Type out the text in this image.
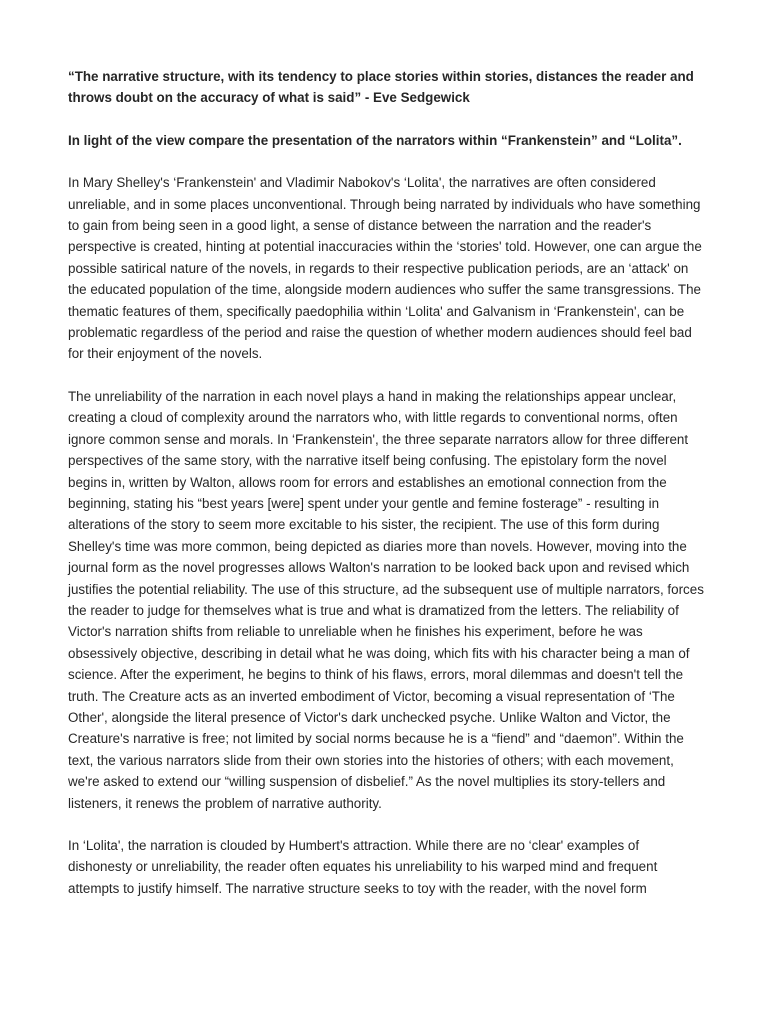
“The narrative structure, with its tendency to place stories within stories, distances the reader and throws doubt on the accuracy of what is said” - Eve Sedgewick

In light of the view compare the presentation of the narrators within “Frankenstein” and “Lolita”.

In Mary Shelley's ‘Frankenstein' and Vladimir Nabokov's ‘Lolita', the narratives are often considered unreliable, and in some places unconventional. Through being narrated by individuals who have something to gain from being seen in a good light, a sense of distance between the narration and the reader's perspective is created, hinting at potential inaccuracies within the ‘stories' told. However, one can argue the possible satirical nature of the novels, in regards to their respective publication periods, are an ‘attack' on the educated population of the time, alongside modern audiences who suffer the same transgressions. The thematic features of them, specifically paedophilia within ‘Lolita' and Galvanism in ‘Frankenstein', can be problematic regardless of the period and raise the question of whether modern audiences should feel bad for their enjoyment of the novels.

The unreliability of the narration in each novel plays a hand in making the relationships appear unclear, creating a cloud of complexity around the narrators who, with little regards to conventional norms, often ignore common sense and morals. In ‘Frankenstein', the three separate narrators allow for three different perspectives of the same story, with the narrative itself being confusing. The epistolary form the novel begins in, written by Walton, allows room for errors and establishes an emotional connection from the beginning, stating his “best years [were] spent under your gentle and femine fosterage” - resulting in alterations of the story to seem more excitable to his sister, the recipient. The use of this form during Shelley's time was more common, being depicted as diaries more than novels. However, moving into the journal form as the novel progresses allows Walton's narration to be looked back upon and revised which justifies the potential reliability. The use of this structure, ad the subsequent use of multiple narrators, forces the reader to judge for themselves what is true and what is dramatized from the letters. The reliability of Victor's narration shifts from reliable to unreliable when he finishes his experiment, before he was obsessively objective, describing in detail what he was doing, which fits with his character being a man of science. After the experiment, he begins to think of his flaws, errors, moral dilemmas and doesn't tell the truth. The Creature acts as an inverted embodiment of Victor, becoming a visual representation of ‘The Other', alongside the literal presence of Victor's dark unchecked psyche. Unlike Walton and Victor, the Creature's narrative is free; not limited by social norms because he is a “fiend” and “daemon”. Within the text, the various narrators slide from their own stories into the histories of others; with each movement, we're asked to extend our “willing suspension of disbelief.” As the novel multiplies its story-tellers and listeners, it renews the problem of narrative authority.

In ‘Lolita', the narration is clouded by Humbert's attraction. While there are no ‘clear' examples of dishonesty or unreliability, the reader often equates his unreliability to his warped mind and frequent attempts to justify himself. The narrative structure seeks to toy with the reader, with the novel form
